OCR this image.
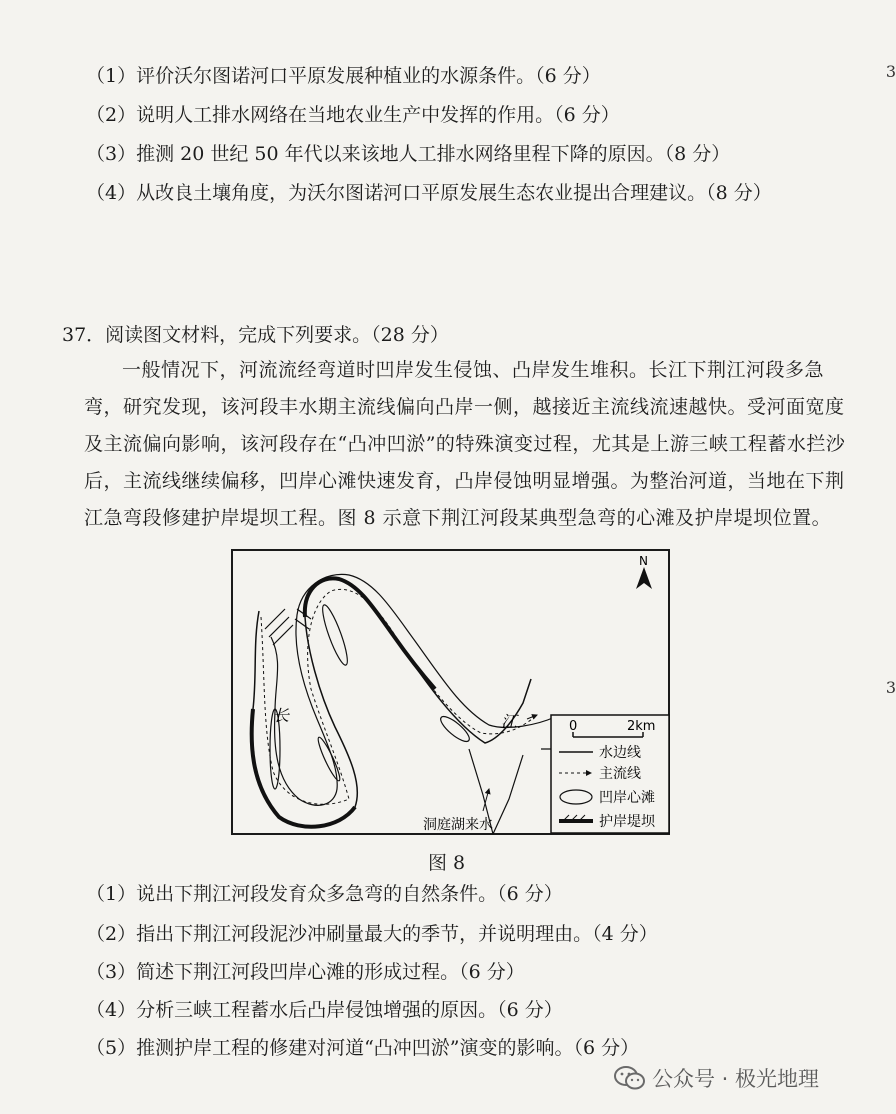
（1）评价沃尔图诺河口平原发展种植业的水源条件。（6 分）
（2）说明人工排水网络在当地农业生产中发挥的作用。（6 分）
（3）推测 20 世纪 50 年代以来该地人工排水网络里程下降的原因。（8 分）
（4）从改良土壤角度，为沃尔图诺河口平原发展生态农业提出合理建议。（8 分）
3
3
37．阅读图文材料，完成下列要求。（28 分）

一般情况下，河流流经弯道时凹岸发生侵蚀、凸岸发生堆积。长江下荆江河段多急弯，研究发现，该河段丰水期主流线偏向凸岸一侧，越接近主流线流速越快。受河面宽度及主流偏向影响，该河段存在“凸冲凹淤”的特殊演变过程，尤其是上游三峡工程蓄水拦沙后，主流线继续偏移，凹岸心滩快速发育，凸岸侵蚀明显增强。为整治河道，当地在下荆江急弯段修建护岸堤坝工程。图 8 示意下荆江河段某典型急弯的心滩及护岸堤坝位置。

N
长	江
洞庭湖来水
0	2km
水边线
主流线
凹岸心滩
护岸堤坝
图 8
（1）说出下荆江河段发育众多急弯的自然条件。（6 分）
（2）指出下荆江河段泥沙冲刷量最大的季节，并说明理由。（4 分）
（3）简述下荆江河段凹岸心滩的形成过程。（6 分）
（4）分析三峡工程蓄水后凸岸侵蚀增强的原因。（6 分）
（5）推测护岸工程的修建对河道“凸冲凹淤”演变的影响。（6 分）
公众号 · 极光地理
